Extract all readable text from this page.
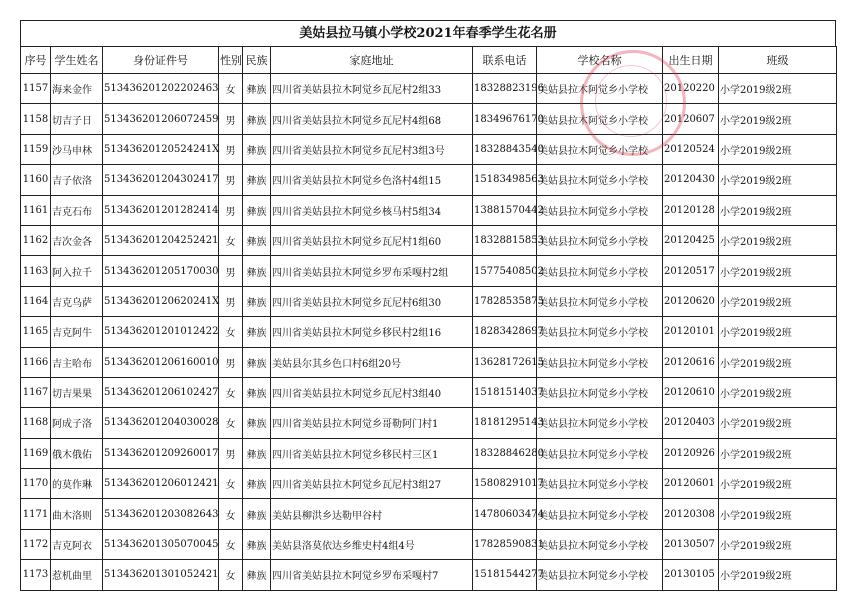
美姑县拉马镇小学校2021年春季学生花名册
序号	学生姓名	身份证件号	性别	民族	家庭地址	联系电话	学校名称	出生日期	班级
1157	海来金作	513436201202202463	女	彝族	四川省美姑县拉木阿觉乡瓦尼村2组33	18328823196	美姑县拉木阿觉乡小学校	20120220	小学2019级2班
1158	切吉子日	513436201206072459	男	彝族	四川省美姑县拉木阿觉乡瓦尼村4组68	18349676170	美姑县拉木阿觉乡小学校	20120607	小学2019级2班
1159	沙马申林	51343620120524241X	男	彝族	四川省美姑县拉木阿觉乡瓦尼村3组3号	18328843540	美姑县拉木阿觉乡小学校	20120524	小学2019级2班
1160	吉子依洛	513436201204302417	男	彝族	四川省美姑县拉木阿觉乡色洛村4组15	15183498563	美姑县拉木阿觉乡小学校	20120430	小学2019级2班
1161	吉克石布	513436201201282414	男	彝族	四川省美姑县拉木阿觉乡核马村5组34	13881570442	美姑县拉木阿觉乡小学校	20120128	小学2019级2班
1162	吉次金各	513436201204252421	女	彝族	四川省美姑县拉木阿觉乡瓦尼村1组60	18328815853	美姑县拉木阿觉乡小学校	20120425	小学2019级2班
1163	阿入拉千	513436201205170030	男	彝族	四川省美姑县拉木阿觉乡罗布采嘎村2组	15775408502	美姑县拉木阿觉乡小学校	20120517	小学2019级2班
1164	吉克乌萨	51343620120620241X	男	彝族	四川省美姑县拉木阿觉乡瓦尼村6组30	17828535875	美姑县拉木阿觉乡小学校	20120620	小学2019级2班
1165	吉克阿牛	513436201201012422	女	彝族	四川省美姑县拉木阿觉乡移民村2组16	18283428697	美姑县拉木阿觉乡小学校	20120101	小学2019级2班
1166	吉主哈布	513436201206160010	男	彝族	美姑县尔其乡色口村6组20号	13628172615	美姑县拉木阿觉乡小学校	20120616	小学2019级2班
1167	切吉果果	513436201206102427	女	彝族	四川省美姑县拉木阿觉乡瓦尼村3组40	15181514037	美姑县拉木阿觉乡小学校	20120610	小学2019级2班
1168	阿成子洛	513436201204030028	女	彝族	四川省美姑县拉木阿觉乡哥勒阿门村1	18181295143	美姑县拉木阿觉乡小学校	20120403	小学2019级2班
1169	俄木俄佑	513436201209260017	男	彝族	四川省美姑县拉木阿觉乡移民村三区1	18328846280	美姑县拉木阿觉乡小学校	20120926	小学2019级2班
1170	的莫作琳	513436201206012421	女	彝族	四川省美姑县拉木阿觉乡瓦尼村3组27	15808291017	美姑县拉木阿觉乡小学校	20120601	小学2019级2班
1171	曲木洛则	513436201203082643	女	彝族	美姑县柳洪乡达勒甲谷村	14780603474	美姑县拉木阿觉乡小学校	20120308	小学2019级2班
1172	吉克阿衣	513436201305070045	女	彝族	美姑县洛莫依达乡维史村4组4号	17828590831	美姑县拉木阿觉乡小学校	20130507	小学2019级2班
1173	惹机曲里	513436201301052421	女	彝族	四川省美姑县拉木阿觉乡罗布采嘎村7	15181544277	美姑县拉木阿觉乡小学校	20130105	小学2019级2班
